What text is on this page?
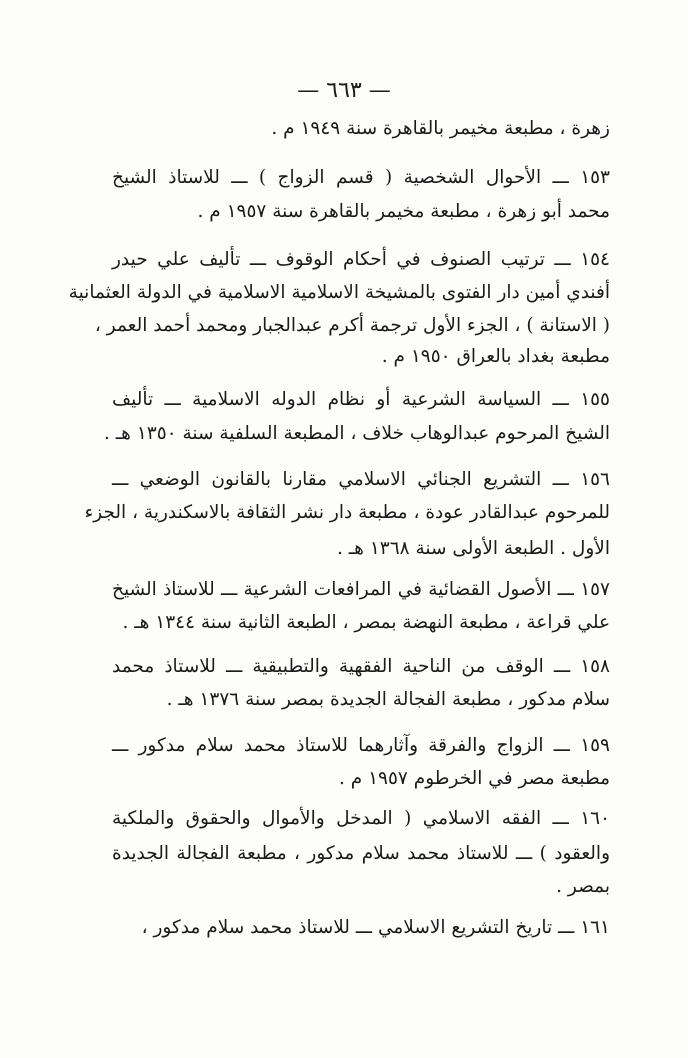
— ٦٦٣ —
زهرة ، مطبعة مخيمر بالقاهرة سنة ١٩٤٩ م .
١٥٣ ـــ الأحوال الشخصية ( قسم الزواج ) ـــ للاستاذ الشيخ
محمد أبو زهرة ، مطبعة مخيمر بالقاهرة سنة ١٩٥٧ م .
١٥٤ ـــ ترتيب الصنوف في أحكام الوقوف ـــ تأليف علي حيدر
أفندي أمين دار الفتوى بالمشيخة الاسلامية الاسلامية في الدولة العثمانية
( الاستانة ) ، الجزء الأول ترجمة أكرم عبدالجبار ومحمد أحمد العمر ،
مطبعة بغداد بالعراق ١٩٥٠ م .
١٥٥ ـــ السياسة الشرعية أو نظام الدوله الاسلامية ـــ تأليف
الشيخ المرحوم عبدالوهاب خلاف ، المطبعة السلفية سنة ١٣٥٠ هـ .
١٥٦ ـــ التشريع الجنائي الاسلامي مقارنا بالقانون الوضعي ـــ
للمرحوم عبدالقادر عودة ، مطبعة دار نشر الثقافة بالاسكندرية ، الجزء
الأول . الطبعة الأولى سنة ١٣٦٨ هـ .
١٥٧ ـــ الأصول القضائية في المرافعات الشرعية ـــ للاستاذ الشيخ
علي قراعة ، مطبعة النهضة بمصر ، الطبعة الثانية سنة ١٣٤٤ هـ .
١٥٨ ـــ الوقف من الناحية الفقهية والتطبيقية ـــ للاستاذ محمد
سلام مدكور ، مطبعة الفجالة الجديدة بمصر سنة ١٣٧٦ هـ .
١٥٩ ـــ الزواج والفرقة وآثارهما للاستاذ محمد سلام مدكور ـــ
مطبعة مصر في الخرطوم ١٩٥٧ م .
١٦٠ ـــ الفقه الاسلامي ( المدخل والأموال والحقوق والملكية
والعقود ) ـــ للاستاذ محمد سلام مدكور ، مطبعة الفجالة الجديدة
بمصر .
١٦١ ـــ تاريخ التشريع الاسلامي ـــ للاستاذ محمد سلام مدكور ،
